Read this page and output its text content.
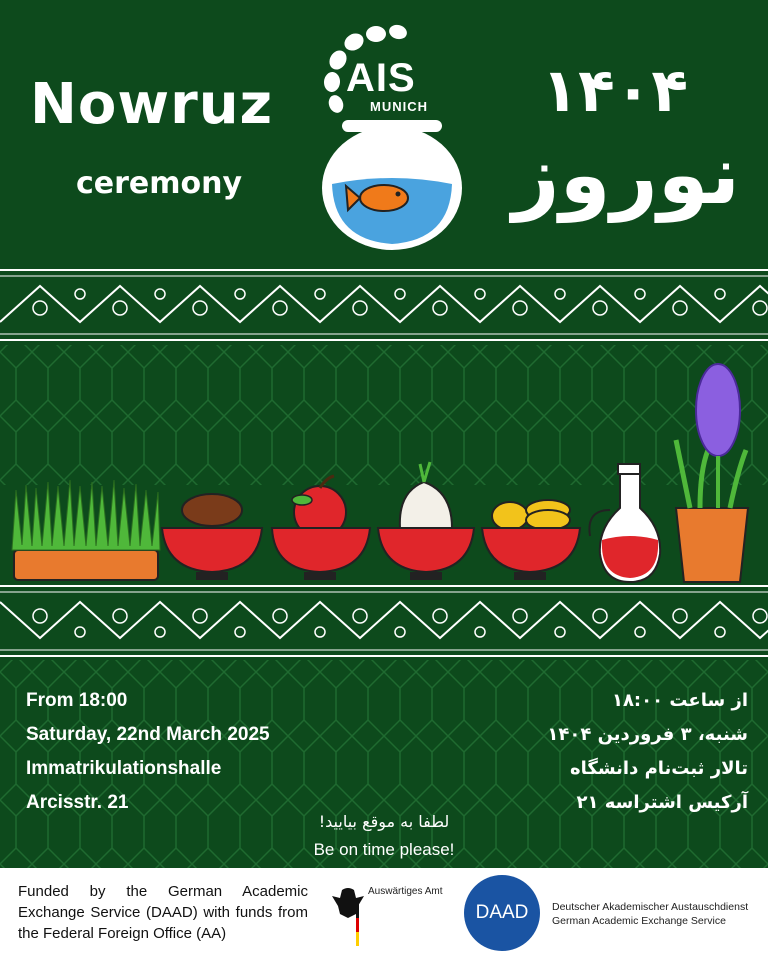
Nowruz
ceremony
۱۴۰۴
نوروز
AIS
MUNICH
From 18:00
Saturday, 22nd March 2025
Immatrikulationshalle
Arcisstr. 21
از ساعت ۱۸:۰۰
شنبه، ۳ فروردین ۱۴۰۴
تالار ثبت‌نام دانشگاه
آرکیس اشتراسه ۲۱
لطفا به موقع بیایید!
Be on time please!
Funded by the German Academic Exchange Service (DAAD) with funds from the Federal Foreign Office (AA)
Auswärtiges Amt
DAAD	Deutscher Akademischer Austauschdienst
German Academic Exchange Service
